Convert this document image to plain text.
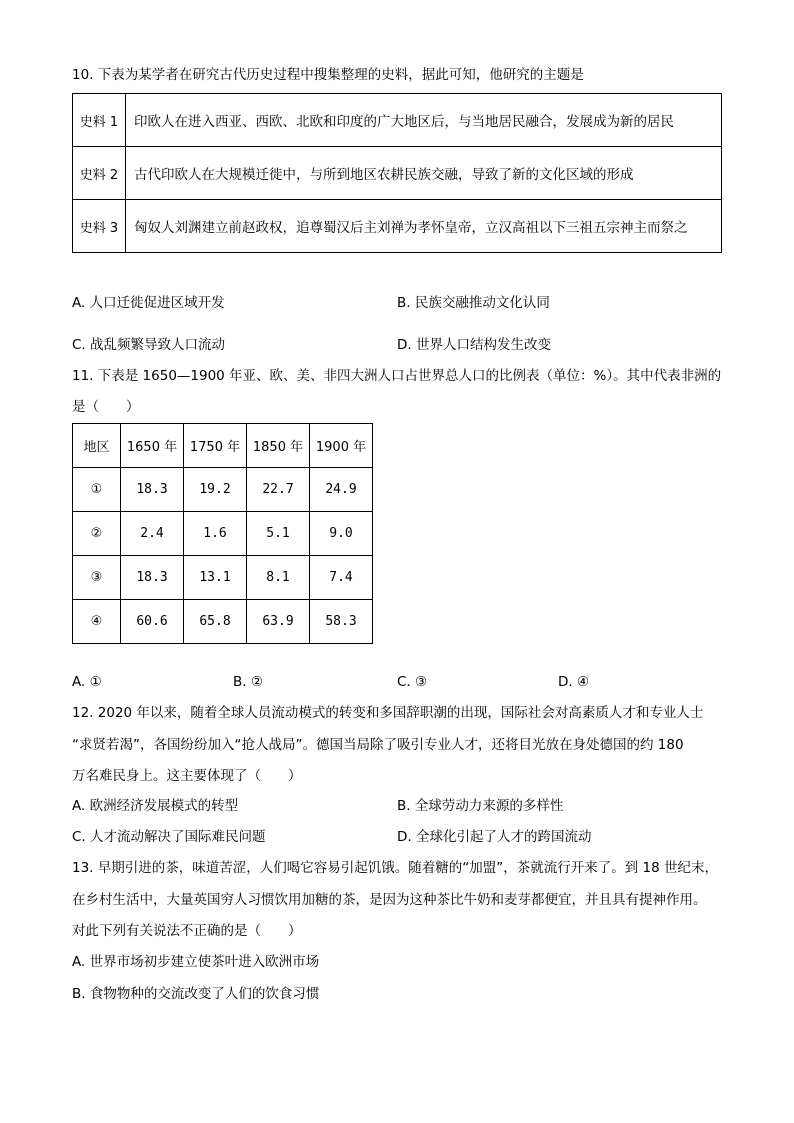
10. 下表为某学者在研究古代历史过程中搜集整理的史料，据此可知，他研究的主题是
史料 1	印欧人在进入西亚、西欧、北欧和印度的广大地区后，与当地居民融合，发展成为新的居民
史料 2	古代印欧人在大规模迁徙中，与所到地区农耕民族交融，导致了新的文化区域的形成
史料 3	匈奴人刘渊建立前赵政权，追尊蜀汉后主刘禅为孝怀皇帝，立汉高祖以下三祖五宗神主而祭之
A. 人口迁徙促进区域开发	B. 民族交融推动文化认同
C. 战乱频繁导致人口流动	D. 世界人口结构发生改变
11. 下表是 1650—1900 年亚、欧、美、非四大洲人口占世界总人口的比例表（单位：%）。其中代表非洲的
是（　　）
地区	1650 年	1750 年	1850 年	1900 年
①	18.3	19.2	22.7	24.9
②	2.4	1.6	5.1	9.0
③	18.3	13.1	8.1	7.4
④	60.6	65.8	63.9	58.3
A. ①	B. ②	C. ③	D. ④
12. 2020 年以来，随着全球人员流动模式的转变和多国辞职潮的出现，国际社会对高素质人才和专业人士
“求贤若渴”，各国纷纷加入“抢人战局”。德国当局除了吸引专业人才，还将目光放在身处德国的约 180
万名难民身上。这主要体现了（　　）
A. 欧洲经济发展模式的转型	B. 全球劳动力来源的多样性
C. 人才流动解决了国际难民问题	D. 全球化引起了人才的跨国流动
13. 早期引进的茶，味道苦涩，人们喝它容易引起饥饿。随着糖的“加盟”，茶就流行开来了。到 18 世纪末，
在乡村生活中，大量英国穷人习惯饮用加糖的茶，是因为这种茶比牛奶和麦芽都便宜，并且具有提神作用。
对此下列有关说法不正确的是（　　）
A. 世界市场初步建立使茶叶进入欧洲市场
B. 食物物种的交流改变了人们的饮食习惯
